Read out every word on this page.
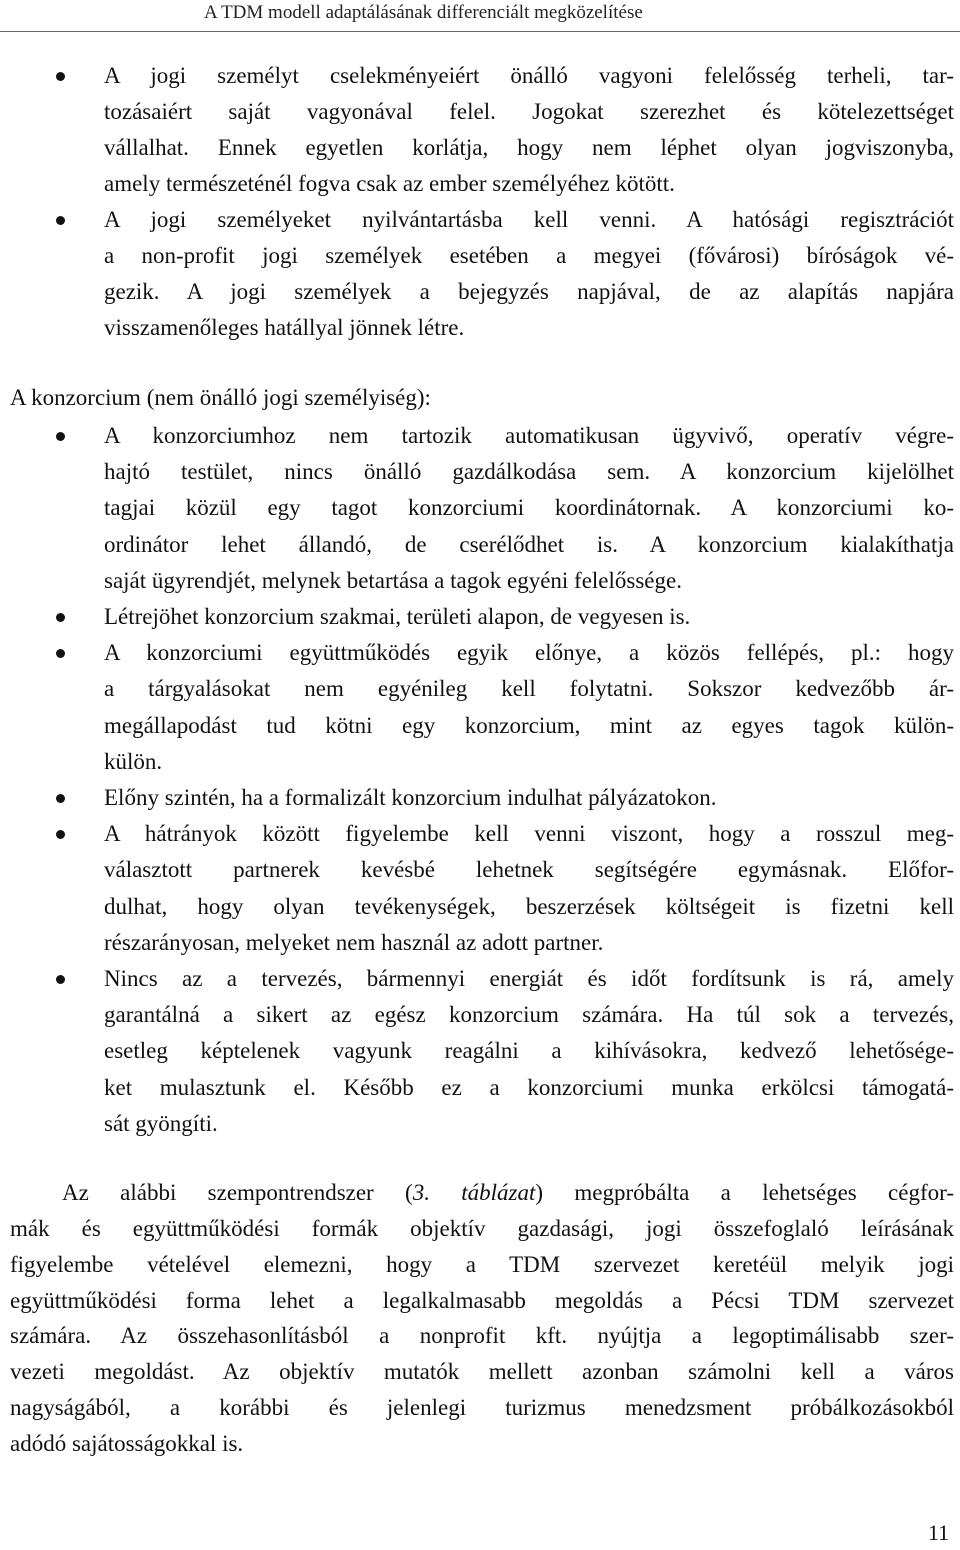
A TDM modell adaptálásának differenciált megközelítése
A jogi személyt cselekményeiért önálló vagyoni felelősség terheli, tar-
tozásaiért saját vagyonával felel. Jogokat szerezhet és kötelezettséget
vállalhat. Ennek egyetlen korlátja, hogy nem léphet olyan jogviszonyba,
amely természeténél fogva csak az ember személyéhez kötött.
A jogi személyeket nyilvántartásba kell venni. A hatósági regisztrációt
a non-profit jogi személyek esetében a megyei (fővárosi) bíróságok vé-
gezik. A jogi személyek a bejegyzés napjával, de az alapítás napjára
visszamenőleges hatállyal jönnek létre.
A konzorcium (nem önálló jogi személyiség):
A konzorciumhoz nem tartozik automatikusan ügyvivő, operatív végre-
hajtó testület, nincs önálló gazdálkodása sem. A konzorcium kijelölhet
tagjai közül egy tagot konzorciumi koordinátornak. A konzorciumi ko-
ordinátor lehet állandó, de cserélődhet is. A konzorcium kialakíthatja
saját ügyrendjét, melynek betartása a tagok egyéni felelőssége.
Létrejöhet konzorcium szakmai, területi alapon, de vegyesen is.
A konzorciumi együttműködés egyik előnye, a közös fellépés, pl.: hogy
a tárgyalásokat nem egyénileg kell folytatni. Sokszor kedvezőbb ár-
megállapodást tud kötni egy konzorcium, mint az egyes tagok külön-
külön.
Előny szintén, ha a formalizált konzorcium indulhat pályázatokon.
A hátrányok között figyelembe kell venni viszont, hogy a rosszul meg-
választott partnerek kevésbé lehetnek segítségére egymásnak. Előfor-
dulhat, hogy olyan tevékenységek, beszerzések költségeit is fizetni kell
részarányosan, melyeket nem használ az adott partner.
Nincs az a tervezés, bármennyi energiát és időt fordítsunk is rá, amely
garantálná a sikert az egész konzorcium számára. Ha túl sok a tervezés,
esetleg képtelenek vagyunk reagálni a kihívásokra, kedvező lehetősége-
ket mulasztunk el. Később ez a konzorciumi munka erkölcsi támogatá-
sát gyöngíti.
Az alábbi szempontrendszer (3. táblázat) megpróbálta a lehetséges cégfor-
mák és együttműködési formák objektív gazdasági, jogi összefoglaló leírásának
figyelembe vételével elemezni, hogy a TDM szervezet keretéül melyik jogi
együttműködési forma lehet a legalkalmasabb megoldás a Pécsi TDM szervezet
számára. Az összehasonlításból a nonprofit kft. nyújtja a legoptimálisabb szer-
vezeti megoldást. Az objektív mutatók mellett azonban számolni kell a város
nagyságából, a korábbi és jelenlegi turizmus menedzsment próbálkozásokból
adódó sajátosságokkal is.
11
